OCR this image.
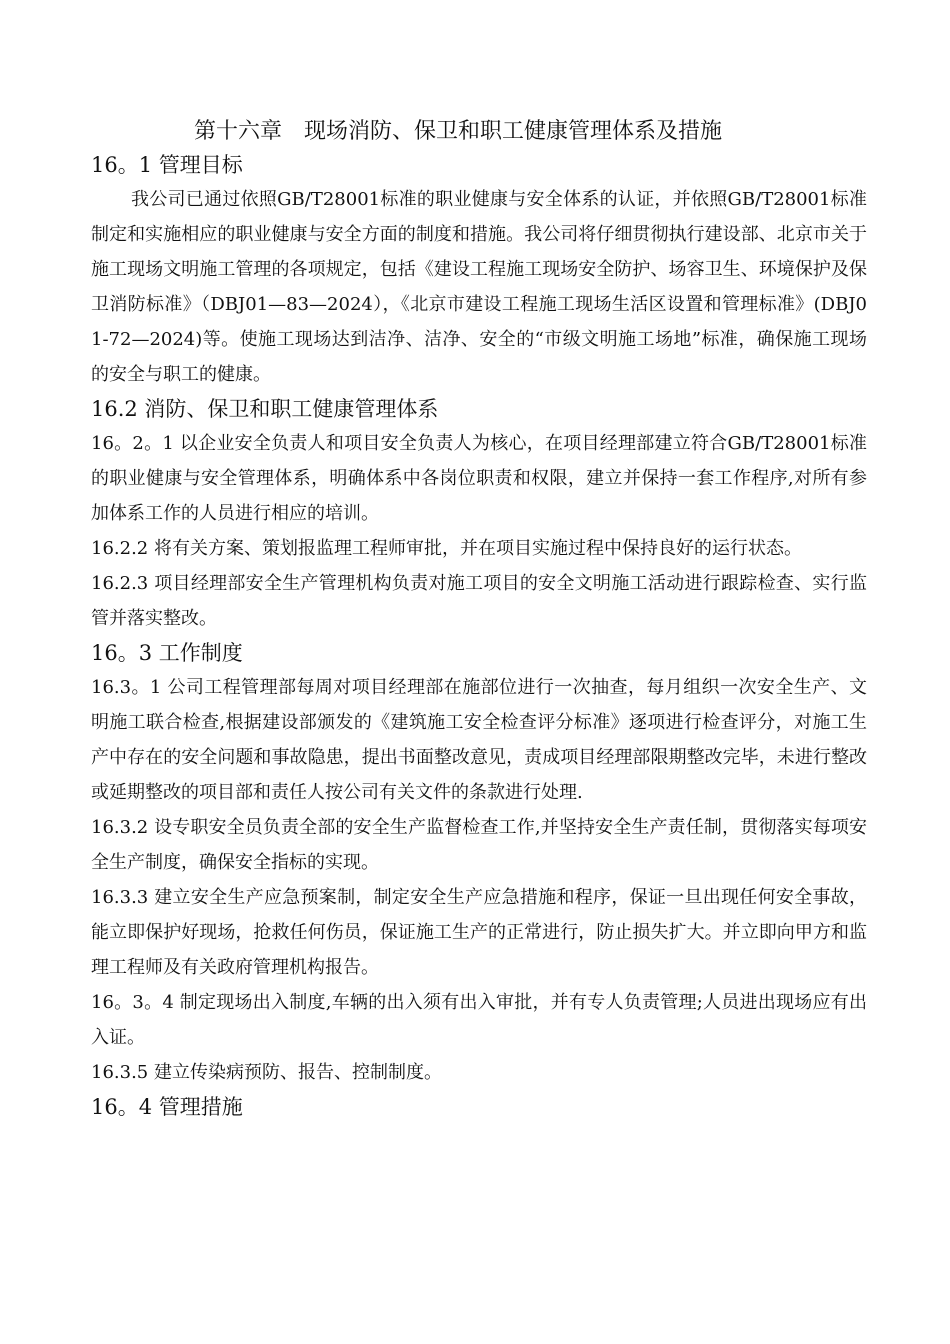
第十六章　现场消防、保卫和职工健康管理体系及措施
16。1 管理目标

我公司已通过依照GB/T28001标准的职业健康与安全体系的认证，并依照GB/T28001标准制定和实施相应的职业健康与安全方面的制度和措施。我公司将仔细贯彻执行建设部、北京市关于施工现场文明施工管理的各项规定，包括《建设工程施工现场安全防护、场容卫生、环境保护及保卫消防标准》（DBJ01—83—2024），《北京市建设工程施工现场生活区设置和管理标准》(DBJ01-72—2024)等。使施工现场达到洁净、洁净、安全的“市级文明施工场地”标准，确保施工现场的安全与职工的健康。

16.2 消防、保卫和职工健康管理体系

16。2。1 以企业安全负责人和项目安全负责人为核心，在项目经理部建立符合GB/T28001标准的职业健康与安全管理体系，明确体系中各岗位职责和权限，建立并保持一套工作程序,对所有参加体系工作的人员进行相应的培训。

16.2.2 将有关方案、策划报监理工程师审批，并在项目实施过程中保持良好的运行状态。

16.2.3 项目经理部安全生产管理机构负责对施工项目的安全文明施工活动进行跟踪检查、实行监管并落实整改。

16。3 工作制度

16.3。1 公司工程管理部每周对项目经理部在施部位进行一次抽查，每月组织一次安全生产、文明施工联合检查,根据建设部颁发的《建筑施工安全检查评分标准》逐项进行检查评分，对施工生产中存在的安全问题和事故隐患，提出书面整改意见，责成项目经理部限期整改完毕，未进行整改或延期整改的项目部和责任人按公司有关文件的条款进行处理.

16.3.2 设专职安全员负责全部的安全生产监督检查工作,并坚持安全生产责任制，贯彻落实每项安全生产制度，确保安全指标的实现。

16.3.3 建立安全生产应急预案制，制定安全生产应急措施和程序，保证一旦出现任何安全事故，能立即保护好现场，抢救任何伤员，保证施工生产的正常进行，防止损失扩大。并立即向甲方和监理工程师及有关政府管理机构报告。

16。3。4 制定现场出入制度,车辆的出入须有出入审批，并有专人负责管理;人员进出现场应有出入证。

16.3.5 建立传染病预防、报告、控制制度。

16。4 管理措施
